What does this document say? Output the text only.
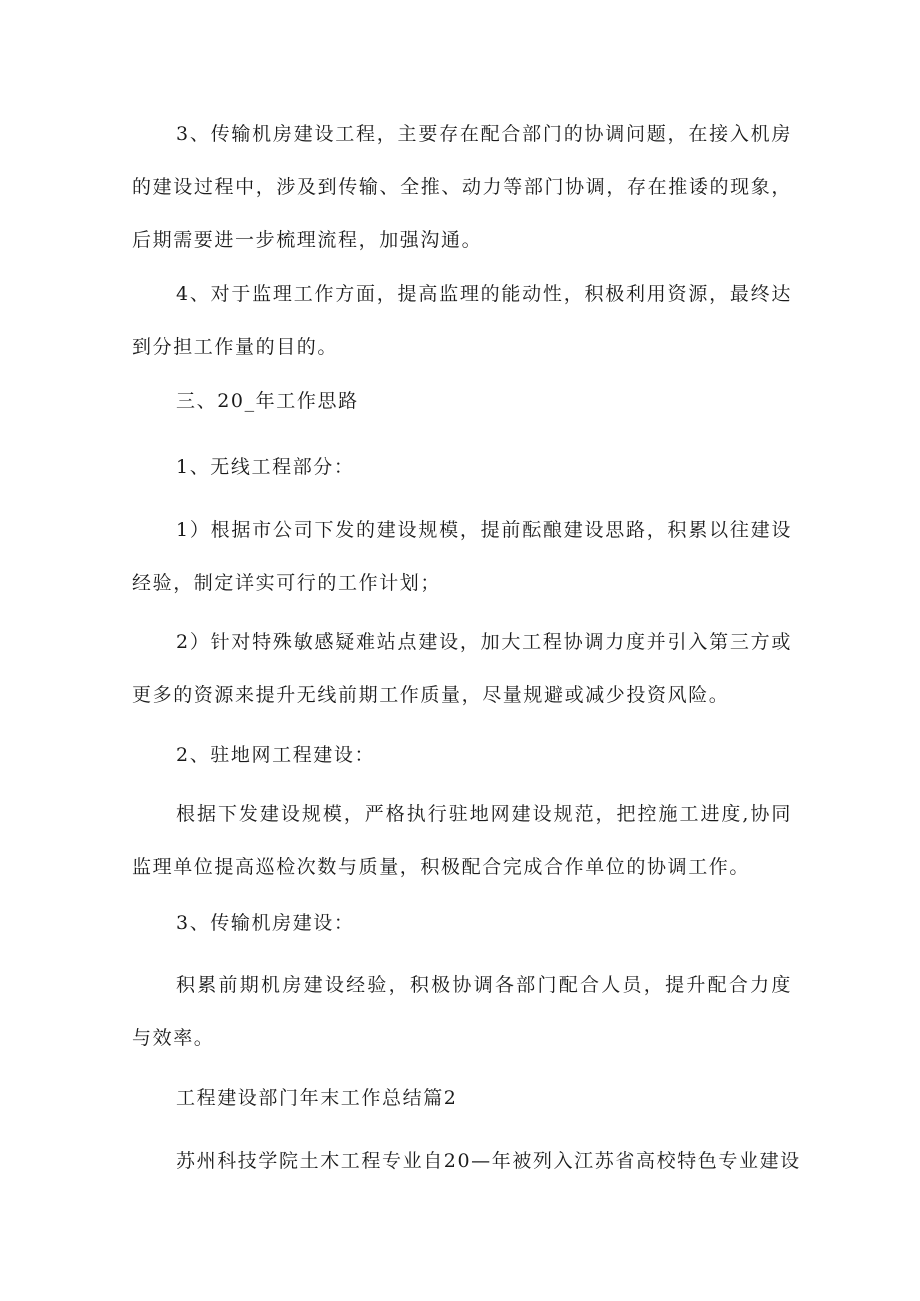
3、传输机房建设工程，主要存在配合部门的协调问题，在接入机房的建设过程中，涉及到传输、全推、动力等部门协调，存在推诿的现象，后期需要进一步梳理流程，加强沟通。

4、对于监理工作方面，提高监理的能动性，积极利用资源，最终达到分担工作量的目的。

三、20_年工作思路

1、无线工程部分：

1）根据市公司下发的建设规模，提前酝酿建设思路，积累以往建设经验，制定详实可行的工作计划；

2）针对特殊敏感疑难站点建设，加大工程协调力度并引入第三方或更多的资源来提升无线前期工作质量，尽量规避或减少投资风险。

2、驻地网工程建设：

根据下发建设规模，严格执行驻地网建设规范，把控施工进度,协同监理单位提高巡检次数与质量，积极配合完成合作单位的协调工作。

3、传输机房建设：

积累前期机房建设经验，积极协调各部门配合人员，提升配合力度与效率。

工程建设部门年末工作总结篇2

苏州科技学院土木工程专业自20—年被列入江苏省高校特色专业建设
